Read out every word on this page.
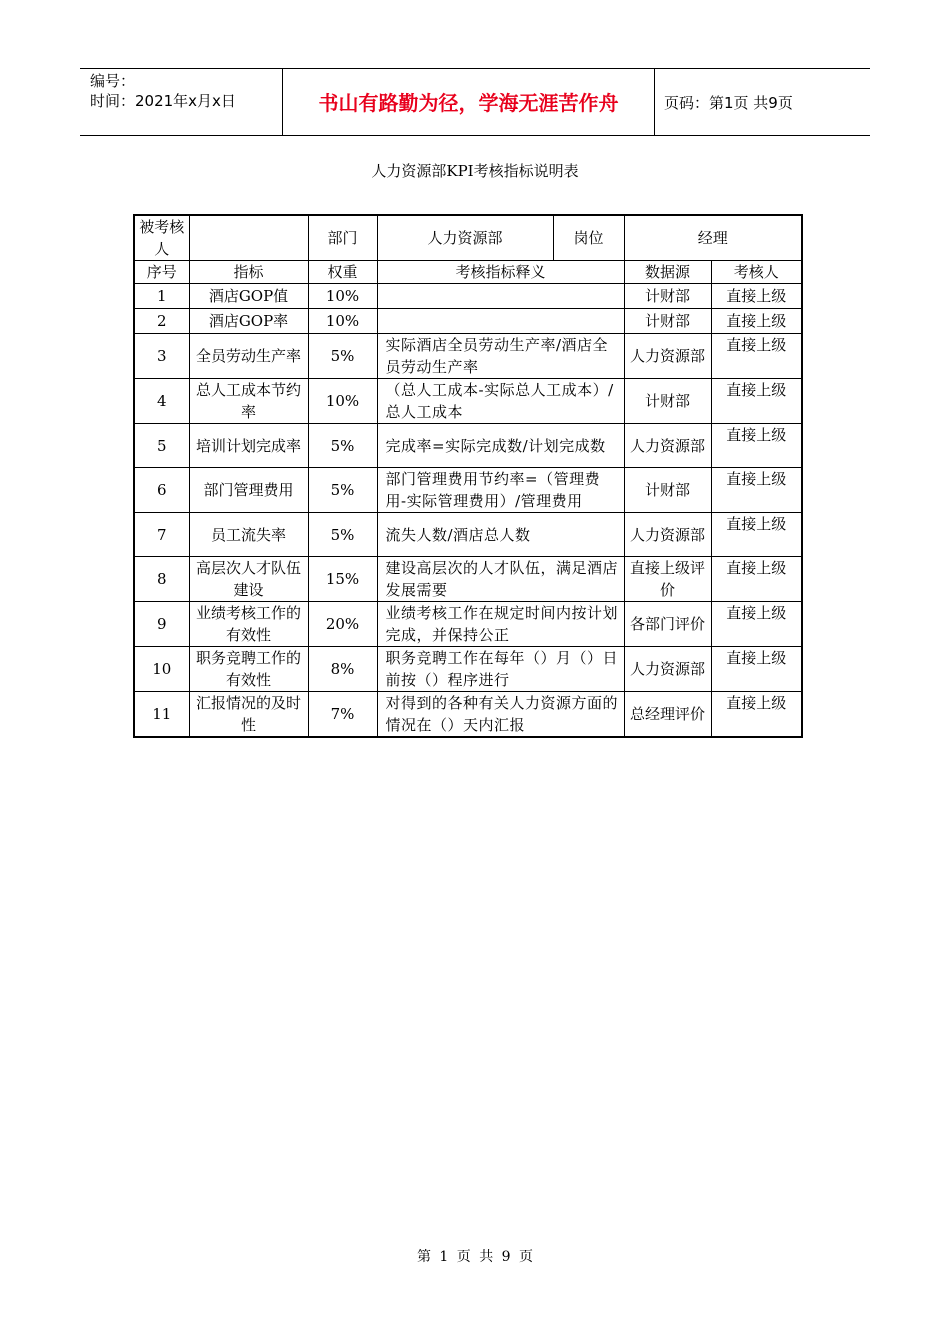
编号：
时间：2021年x月x日	书山有路勤为径，学海无涯苦作舟	页码：第1页 共9页
人力资源部KPI考核指标说明表
被考核人		部门	人力资源部	岗位	经理	
序号	指标	权重	考核指标释义		数据源	考核人
1	酒店GOP值	10%			计财部	直接上级
2	酒店GOP率	10%			计财部	直接上级
3	全员劳动生产率	5%	实际酒店全员劳动生产率/酒店全员劳动生产率		人力资源部	直接上级
4	总人工成本节约率	10%	（总人工成本-实际总人工成本）/总人工成本		计财部	直接上级
5	培训计划完成率	5%	完成率=实际完成数/计划完成数		人力资源部	直接上级
6	部门管理费用	5%	部门管理费用节约率=（管理费用-实际管理费用）/管理费用		计财部	直接上级
7	员工流失率	5%	流失人数/酒店总人数		人力资源部	直接上级
8	高层次人才队伍建设	15%	建设高层次的人才队伍，满足酒店发展需要		直接上级评价	直接上级
9	业绩考核工作的有效性	20%	业绩考核工作在规定时间内按计划完成，并保持公正		各部门评价	直接上级
10	职务竞聘工作的有效性	8%	职务竞聘工作在每年（）月（）日前按（）程序进行		人力资源部	直接上级
11	汇报情况的及时性	7%	对得到的各种有关人力资源方面的情况在（）天内汇报		总经理评价	直接上级
第 1 页 共 9 页
